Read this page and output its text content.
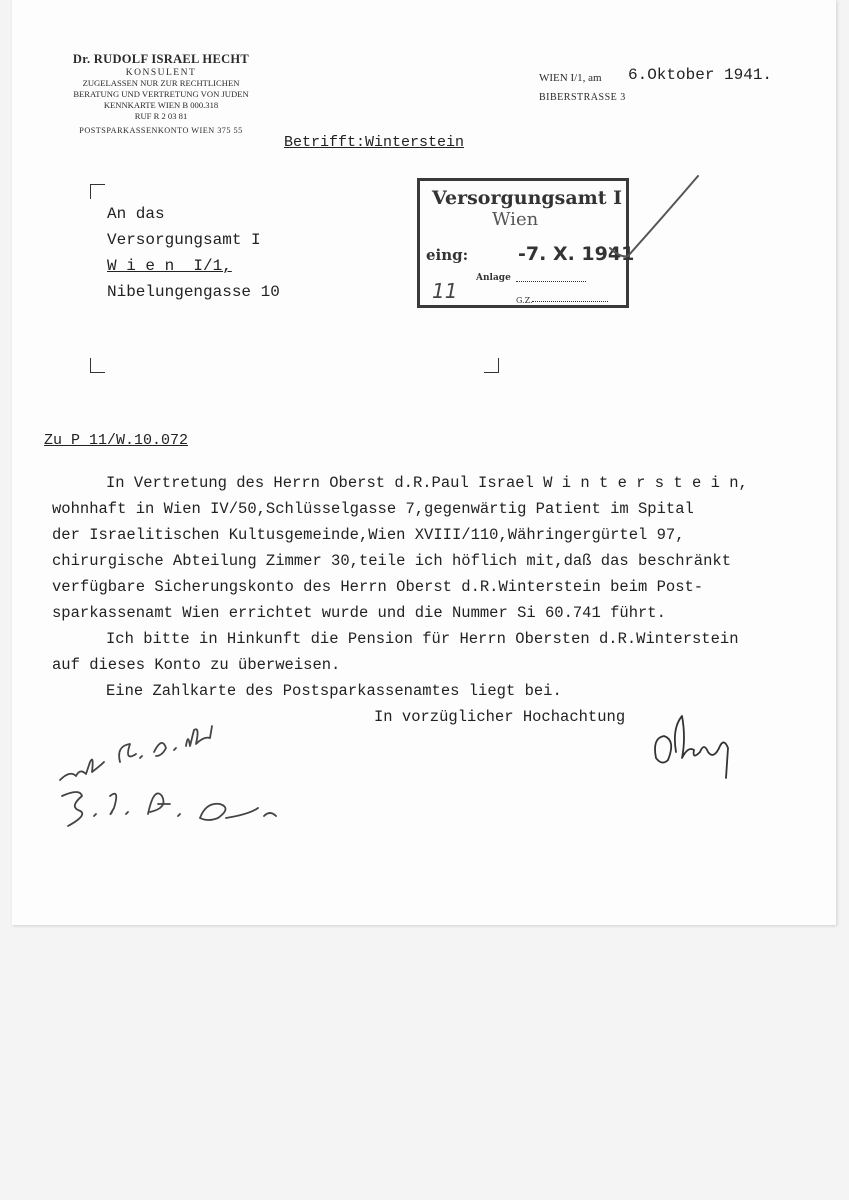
Dr. RUDOLF ISRAEL HECHT
KONSULENT
ZUGELASSEN NUR ZUR RECHTLICHEN
BERATUNG UND VERTRETUNG VON JUDEN
KENNKARTE WIEN B 000.318
RUF R 2 03 81
POSTSPARKASSENKONTO WIEN 375 55
WIEN I/1, am 6.Oktober 1941.
BIBERSTRASSE 3
Betrifft:Winterstein
An das
Versorgungsamt I
W i e n  I/1,
Nibelungengasse 10
Versorgungsamt I
Wien
eing:	-7. X. 1941
Anlage
11	G.Z.
Zu P 11/W.10.072
In Vertretung des Herrn Oberst d.R.Paul Israel W i n t e r s t e i n,
wohnhaft in Wien IV/50,Schlüsselgasse 7,gegenwärtig Patient im Spital
der Israelitischen Kultusgemeinde,Wien XVIII/110,Währingergürtel 97,
chirurgische Abteilung Zimmer 30,teile ich höflich mit,daß das beschränkt
verfügbare Sicherungskonto des Herrn Oberst d.R.Winterstein beim Post-
sparkassenamt Wien errichtet wurde und die Nummer Si 60.741 führt.
Ich bitte in Hinkunft die Pension für Herrn Obersten d.R.Winterstein
auf dieses Konto zu überweisen.
Eine Zahlkarte des Postsparkassenamtes liegt bei.
In vorzüglicher Hochachtung
